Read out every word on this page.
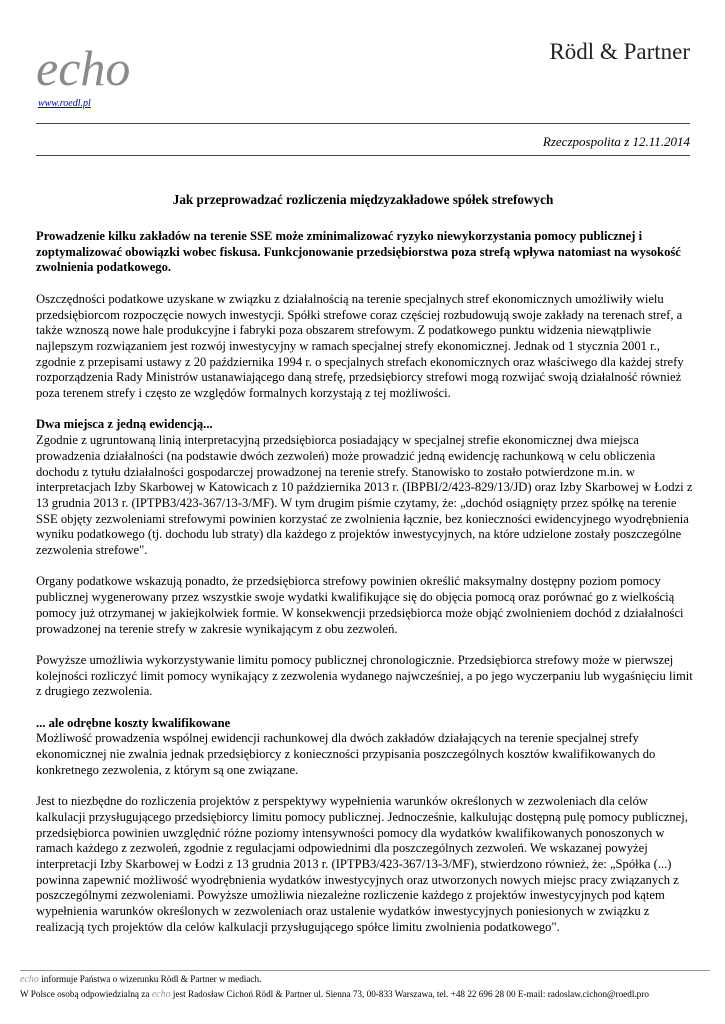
echo
www.roedl.pl
Rödl & Partner
Rzeczpospolita z 12.11.2014
Jak przeprowadzać rozliczenia międzyzakładowe spółek strefowych

Prowadzenie kilku zakładów na terenie SSE może zminimalizować ryzyko niewykorzystania pomocy publicznej i zoptymalizować obowiązki wobec fiskusa. Funkcjonowanie przedsiębiorstwa poza strefą wpływa natomiast na wysokość zwolnienia podatkowego.

Oszczędności podatkowe uzyskane w związku z działalnością na terenie specjalnych stref ekonomicznych umożliwiły wielu przedsiębiorcom rozpoczęcie nowych inwestycji. Spółki strefowe coraz częściej rozbudowują swoje zakłady na terenach stref, a także wznoszą nowe hale produkcyjne i fabryki poza obszarem strefowym. Z podatkowego punktu widzenia niewątpliwie najlepszym rozwiązaniem jest rozwój inwestycyjny w ramach specjalnej strefy ekonomicznej. Jednak od 1 stycznia 2001 r., zgodnie z przepisami ustawy z 20 października 1994 r. o specjalnych strefach ekonomicznych oraz właściwego dla każdej strefy rozporządzenia Rady Ministrów ustanawiającego daną strefę, przedsiębiorcy strefowi mogą rozwijać swoją działalność również poza terenem strefy i często ze względów formalnych korzystają z tej możliwości.

Dwa miejsca z jedną ewidencją...
Zgodnie z ugruntowaną linią interpretacyjną przedsiębiorca posiadający w specjalnej strefie ekonomicznej dwa miejsca prowadzenia działalności (na podstawie dwóch zezwoleń) może prowadzić jedną ewidencję rachunkową w celu obliczenia dochodu z tytułu działalności gospodarczej prowadzonej na terenie strefy. Stanowisko to zostało potwierdzone m.in. w interpretacjach Izby Skarbowej w Katowicach z 10 października 2013 r. (IBPBI/2/423-829/13/JD) oraz Izby Skarbowej w Łodzi z 13 grudnia 2013 r. (IPTPB3/423-367/13-3/MF). W tym drugim piśmie czytamy, że: „dochód osiągnięty przez spółkę na terenie SSE objęty zezwoleniami strefowymi powinien korzystać ze zwolnienia łącznie, bez konieczności ewidencyjnego wyodrębnienia wyniku podatkowego (tj. dochodu lub straty) dla każdego z projektów inwestycyjnych, na które udzielone zostały poszczególne zezwolenia strefowe".

Organy podatkowe wskazują ponadto, że przedsiębiorca strefowy powinien określić maksymalny dostępny poziom pomocy publicznej wygenerowany przez wszystkie swoje wydatki kwalifikujące się do objęcia pomocą oraz porównać go z wielkością pomocy już otrzymanej w jakiejkolwiek formie. W konsekwencji przedsiębiorca może objąć zwolnieniem dochód z działalności prowadzonej na terenie strefy w zakresie wynikającym z obu zezwoleń.

Powyższe umożliwia wykorzystywanie limitu pomocy publicznej chronologicznie. Przedsiębiorca strefowy może w pierwszej kolejności rozliczyć limit pomocy wynikający z zezwolenia wydanego najwcześniej, a po jego wyczerpaniu lub wygaśnięciu limit z drugiego zezwolenia.

... ale odrębne koszty kwalifikowane
Możliwość prowadzenia wspólnej ewidencji rachunkowej dla dwóch zakładów działających na terenie specjalnej strefy ekonomicznej nie zwalnia jednak przedsiębiorcy z konieczności przypisania poszczególnych kosztów kwalifikowanych do konkretnego zezwolenia, z którym są one związane.

Jest to niezbędne do rozliczenia projektów z perspektywy wypełnienia warunków określonych w zezwoleniach dla celów kalkulacji przysługującego przedsiębiorcy limitu pomocy publicznej. Jednocześnie, kalkulując dostępną pulę pomocy publicznej, przedsiębiorca powinien uwzględnić różne poziomy intensywności pomocy dla wydatków kwalifikowanych ponoszonych w ramach każdego z zezwoleń, zgodnie z regulacjami odpowiednimi dla poszczególnych zezwoleń. We wskazanej powyżej interpretacji Izby Skarbowej w Łodzi z 13 grudnia 2013 r. (IPTPB3/423-367/13-3/MF), stwierdzono również, że: „Spółka (...) powinna zapewnić możliwość wyodrębnienia wydatków inwestycyjnych oraz utworzonych nowych miejsc pracy związanych z poszczególnymi zezwoleniami. Powyższe umożliwia niezależne rozliczenie każdego z projektów inwestycyjnych pod kątem wypełnienia warunków określonych w zezwoleniach oraz ustalenie wydatków inwestycyjnych poniesionych w związku z realizacją tych projektów dla celów kalkulacji przysługującego spółce limitu zwolnienia podatkowego".

echo informuje Państwa o wizerunku Rödl & Partner w mediach.
W Polsce osobą odpowiedzialną za echo jest Radosław Cichoń Rödl & Partner ul. Sienna 73, 00-833 Warszawa, tel. +48 22 696 28 00 E-mail: radoslaw.cichon@roedl.pro
